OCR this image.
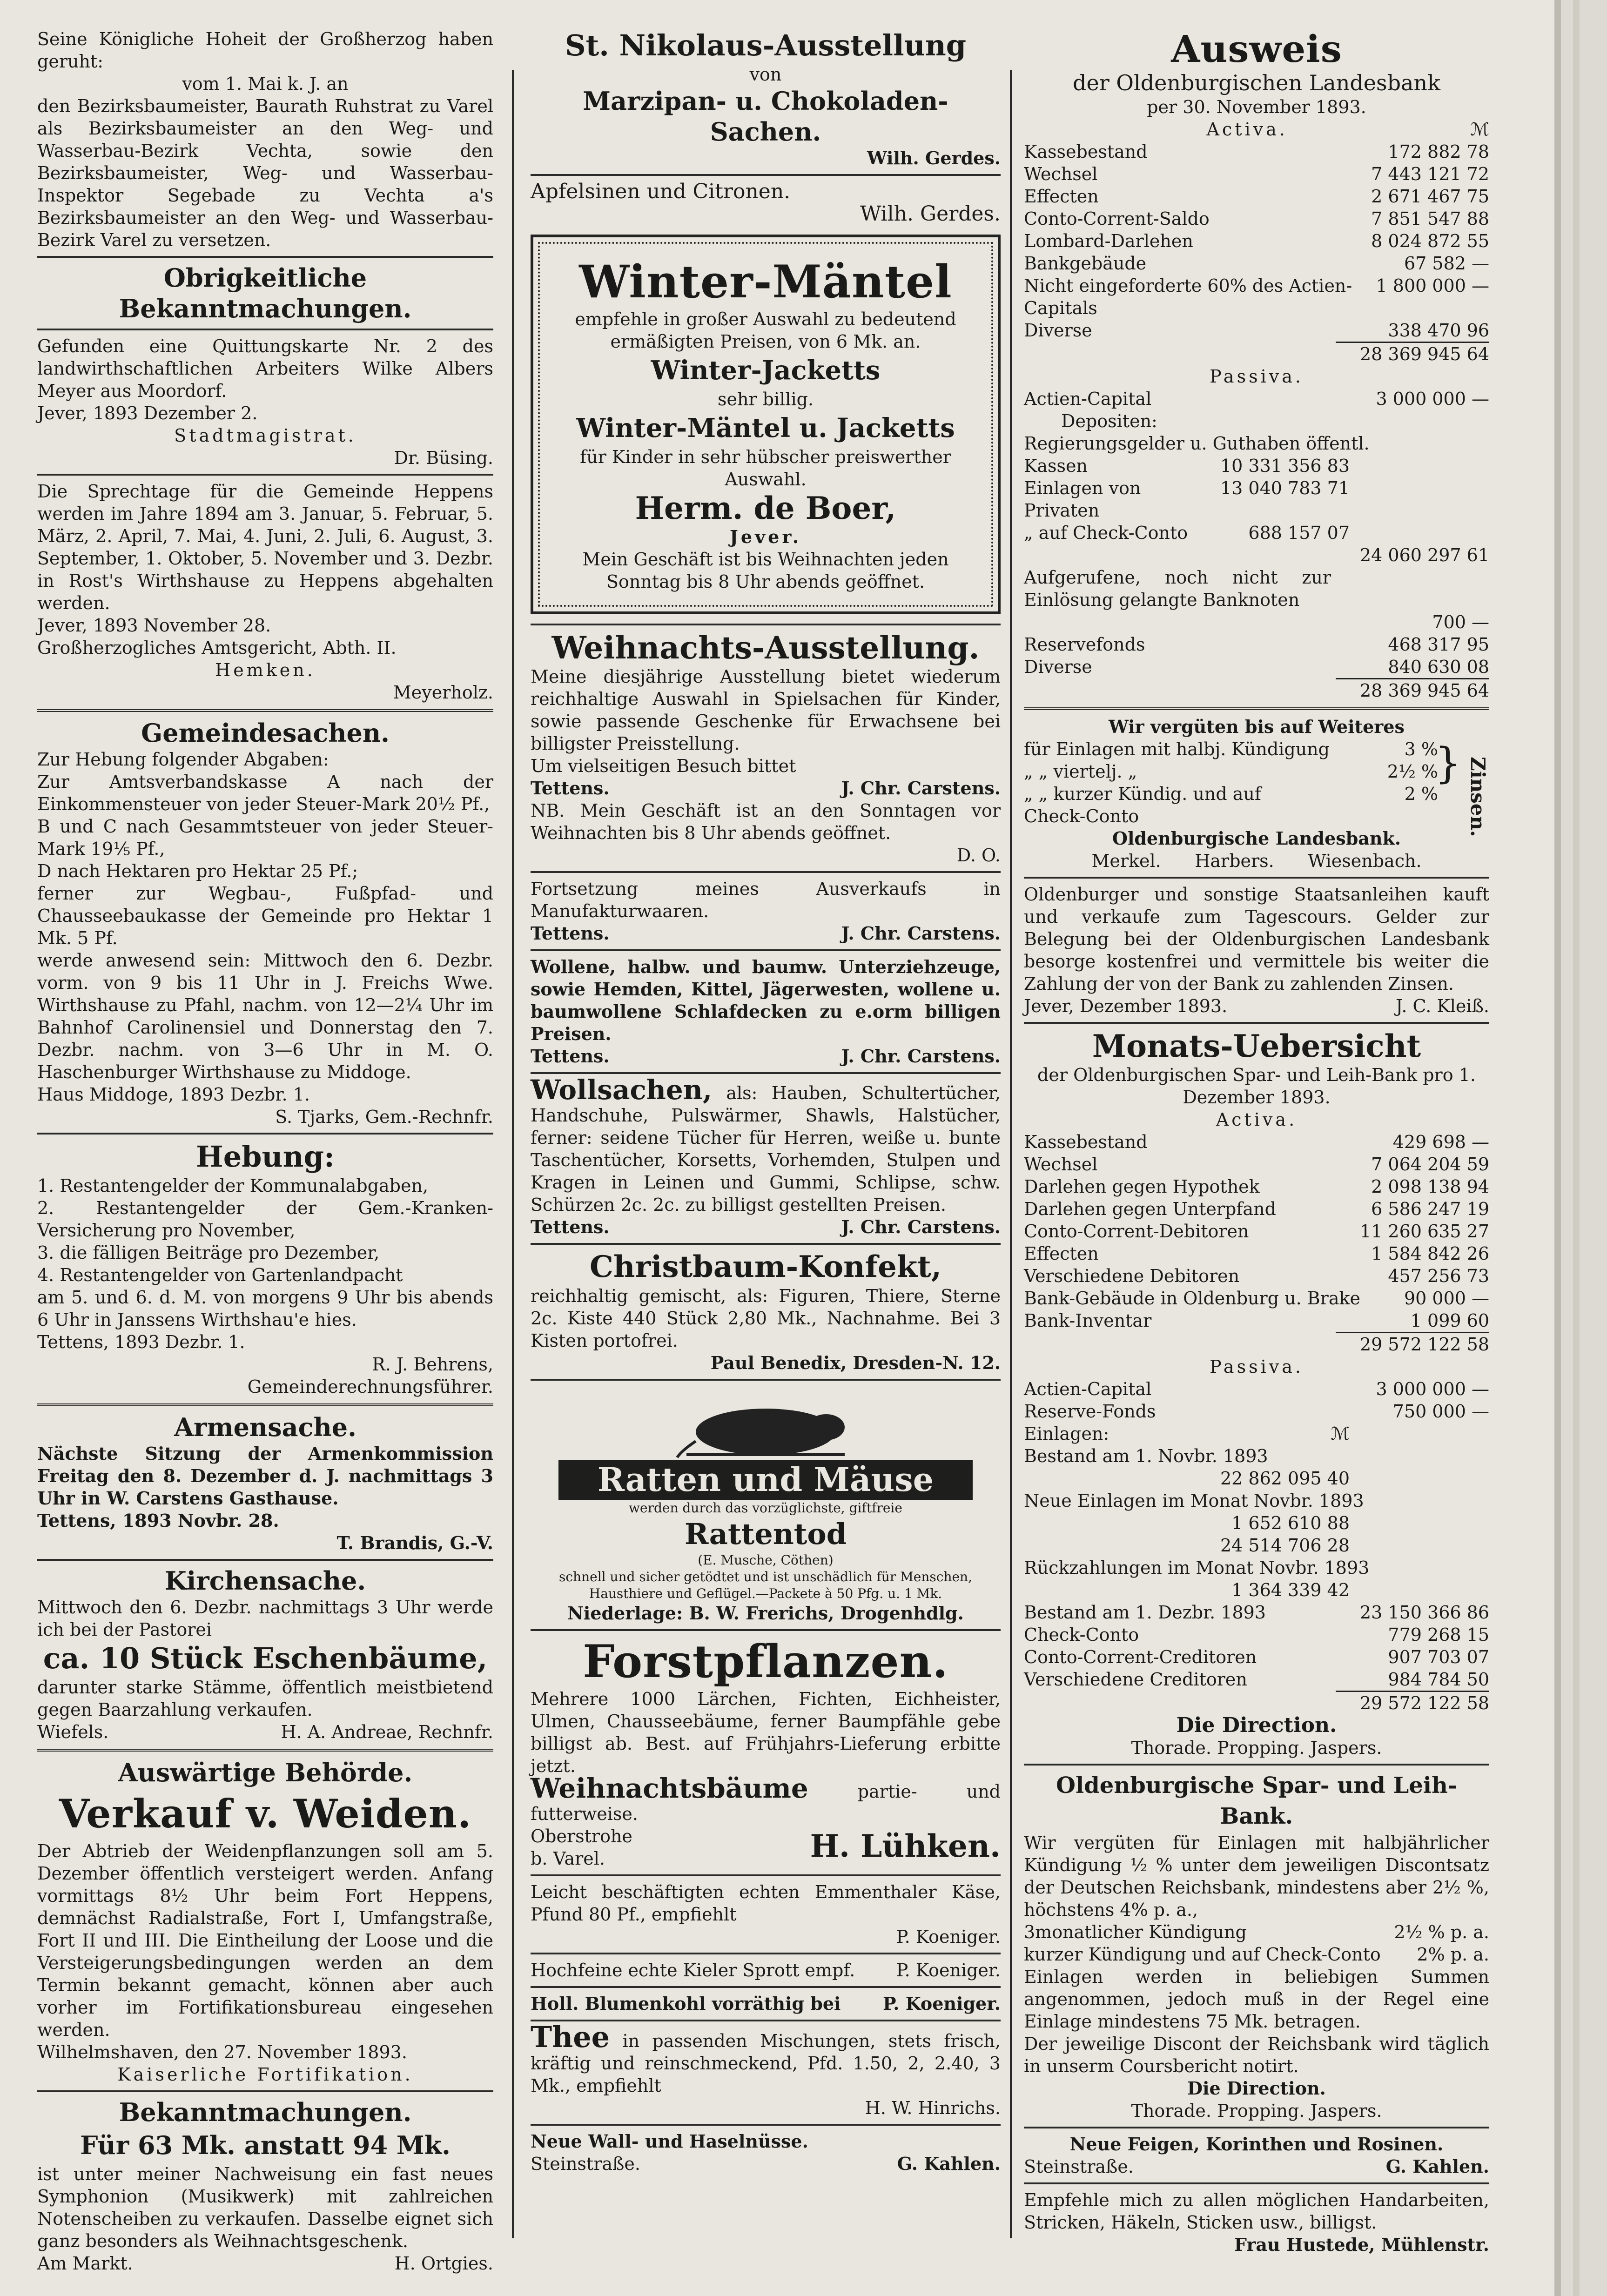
Seine Königliche Hoheit der Großherzog haben geruht:

vom 1. Mai k. J. an

den Bezirksbaumeister, Baurath Ruhstrat zu Varel als Bezirksbaumeister an den Weg- und Wasserbau-Bezirk Vechta, sowie den Bezirksbaumeister, Weg- und Wasserbau-Inspektor Segebade zu Vechta a's Bezirksbaumeister an den Weg- und Wasserbau-Bezirk Varel zu versetzen.

Obrigkeitliche Bekanntmachungen.

Gefunden eine Quittungskarte Nr. 2 des landwirthschaftlichen Arbeiters Wilke Albers Meyer aus Moordorf.

Jever, 1893 Dezember 2.

Stadtmagistrat.

Dr. Büsing.

Die Sprechtage für die Gemeinde Heppens werden im Jahre 1894 am 3. Januar, 5. Februar, 5. März, 2. April, 7. Mai, 4. Juni, 2. Juli, 6. August, 3. September, 1. Oktober, 5. November und 3. Dezbr. in Rost's Wirthshause zu Heppens abgehalten werden.

Jever, 1893 November 28.

Großherzogliches Amtsgericht, Abth. II.

Hemken.

Meyerholz.

Gemeindesachen.

Zur Hebung folgender Abgaben:

Zur Amtsverbandskasse A nach der Einkommensteuer von jeder Steuer-Mark 20½ Pf.,

B und C nach Gesammtsteuer von jeder Steuer-Mark 19⅕ Pf.,

D nach Hektaren pro Hektar 25 Pf.;

ferner zur Wegbau-, Fußpfad- und Chausseebaukasse der Gemeinde pro Hektar 1 Mk. 5 Pf.

werde anwesend sein: Mittwoch den 6. Dezbr. vorm. von 9 bis 11 Uhr in J. Freichs Wwe. Wirthshause zu Pfahl, nachm. von 12—2¼ Uhr im Bahnhof Carolinensiel und Donnerstag den 7. Dezbr. nachm. von 3—6 Uhr in M. O. Haschenburger Wirthshause zu Middoge.

Haus Middoge, 1893 Dezbr. 1.

S. Tjarks, Gem.-Rechnfr.

Hebung:

1. Restantengelder der Kommunalabgaben,

2. Restantengelder der Gem.-Kranken-Versicherung pro November,

3. die fälligen Beiträge pro Dezember,

4. Restantengelder von Gartenlandpacht

am 5. und 6. d. M. von morgens 9 Uhr bis abends 6 Uhr in Janssens Wirthshau'e hies.

Tettens, 1893 Dezbr. 1.

R. J. Behrens,

Gemeinderechnungsführer.

Armensache.

Nächste Sitzung der Armenkommission Freitag den 8. Dezember d. J. nachmittags 3 Uhr in W. Carstens Gasthause.

Tettens, 1893 Novbr. 28.

T. Brandis, G.-V.

Kirchensache.

Mittwoch den 6. Dezbr. nachmittags 3 Uhr werde ich bei der Pastorei

ca. 10 Stück Eschenbäume,

darunter starke Stämme, öffentlich meistbietend gegen Baarzahlung verkaufen.

Wiefels.	H. A. Andreae, Rechnfr.

Auswärtige Behörde.

Verkauf v. Weiden.

Der Abtrieb der Weidenpflanzungen soll am 5. Dezember öffentlich versteigert werden. Anfang vormittags 8½ Uhr beim Fort Heppens, demnächst Radialstraße, Fort I, Umfangstraße, Fort II und III. Die Eintheilung der Loose und die Versteigerungsbedingungen werden an dem Termin bekannt gemacht, können aber auch vorher im Fortifikationsbureau eingesehen werden.

Wilhelmshaven, den 27. November 1893.

Kaiserliche Fortifikation.

Bekanntmachungen.

Für 63 Mk. anstatt 94 Mk.

ist unter meiner Nachweisung ein fast neues Symphonion (Musikwerk) mit zahlreichen Notenscheiben zu verkaufen. Dasselbe eignet sich ganz besonders als Weihnachtsgeschenk.

Am Markt.	H. Ortgies.

St. Nikolaus-Ausstellung

von

Marzipan- u. Chokoladen-Sachen.

Wilh. Gerdes.

Apfelsinen und Citronen.

Wilh. Gerdes.

Winter-Mäntel

empfehle in großer Auswahl zu bedeutend ermäßigten Preisen, von 6 Mk. an.

Winter-Jacketts

sehr billig.

Winter-Mäntel u. Jacketts

für Kinder in sehr hübscher preiswerther Auswahl.

Herm. de Boer,

Jever.

Mein Geschäft ist bis Weihnachten jeden Sonntag bis 8 Uhr abends geöffnet.

Weihnachts-Ausstellung.

Meine diesjährige Ausstellung bietet wiederum reichhaltige Auswahl in Spielsachen für Kinder, sowie passende Geschenke für Erwachsene bei billigster Preisstellung.

Um vielseitigen Besuch bittet

Tettens.	J. Chr. Carstens.

NB. Mein Geschäft ist an den Sonntagen vor Weihnachten bis 8 Uhr abends geöffnet.

D. O.

Fortsetzung meines Ausverkaufs in Manufakturwaaren.

Tettens.	J. Chr. Carstens.

Wollene, halbw. und baumw. Unterziehzeuge, sowie Hemden, Kittel, Jägerwesten, wollene u. baumwollene Schlafdecken zu e.orm billigen Preisen.

Tettens.	J. Chr. Carstens.

Wollsachen, als: Hauben, Schultertücher, Handschuhe, Pulswärmer, Shawls, Halstücher, ferner: seidene Tücher für Herren, weiße u. bunte Taschentücher, Korsetts, Vorhemden, Stulpen und Kragen in Leinen und Gummi, Schlipse, schw. Schürzen 2c. 2c. zu billigst gestellten Preisen.

Tettens.	J. Chr. Carstens.

Christbaum-Konfekt,

reichhaltig gemischt, als: Figuren, Thiere, Sterne 2c. Kiste 440 Stück 2,80 Mk., Nachnahme. Bei 3 Kisten portofrei.

Paul Benedix, Dresden-N. 12.

Ratten und Mäuse

werden durch das vorzüglichste, giftfreie

Rattentod

(E. Musche, Cöthen)

schnell und sicher getödtet und ist unschädlich für Menschen, Hausthiere und Geflügel.—Packete à 50 Pfg. u. 1 Mk.

Niederlage: B. W. Frerichs, Drogenhdlg.

Forstpflanzen.

Mehrere 1000 Lärchen, Fichten, Eichheister, Ulmen, Chausseebäume, ferner Baumpfähle gebe billigst ab. Best. auf Frühjahrs-Lieferung erbitte jetzt.

Weihnachtsbäume	partie- und futterweise.

Oberstrohe
b. Varel.	H. Lühken.

Leicht beschäftigten echten Emmenthaler Käse, Pfund 80 Pf., empfiehlt

P. Koeniger.

Hochfeine echte Kieler Sprott empf. P. Koeniger.
Holl. Blumenkohl vorräthig bei P. Koeniger.

Thee in passenden Mischungen, stets frisch, kräftig und reinschmeckend, Pfd. 1.50, 2, 2.40, 3 Mk., empfiehlt

H. W. Hinrichs.

Neue Wall- und Haselnüsse.

Steinstraße.	G. Kahlen.

Ausweis

der Oldenburgischen Landesbank

per 30. November 1893.

Activa.	ℳ
Kassebestand	172 882 78
Wechsel	7 443 121 72
Effecten	2 671 467 75
Conto-Corrent-Saldo	7 851 547 88
Lombard-Darlehen	8 024 872 55
Bankgebäude	67 582 —
Nicht eingeforderte 60% des Actien-Capitals
1 800 000 —
Diverse	338 470 96
28 369 945 64

Passiva.

Actien-Capital	3 000 000 —

Depositen:

Regierungsgelder u. Guthaben öffentl.

Kassen	10 331 356 83
Einlagen von Privaten
13 040 783 71
„ auf Check-Conto	688 157 07
24 060 297 61

Aufgerufene, noch nicht zur Einlösung gelangte Banknoten

700 —
Reservefonds	468 317 95
Diverse	840 630 08
28 369 945 64

Wir vergüten bis auf Weiteres

für Einlagen mit halbj. Kündigung	3 %
„ „ viertelj. „	2½ %
„ „ kurzer Kündig. und auf Check-Conto
2 %
} Zinsen.

Oldenburgische Landesbank.

Merkel.      Harbers.      Wiesenbach.

Oldenburger und sonstige Staatsanleihen kauft und verkaufe zum Tagescours. Gelder zur Belegung bei der Oldenburgischen Landesbank besorge kostenfrei und vermittele bis weiter die Zahlung der von der Bank zu zahlenden Zinsen.

Jever, Dezember 1893.	J. C. Kleiß.

Monats-Uebersicht

der Oldenburgischen Spar- und Leih-Bank pro 1. Dezember 1893.

Activa.

Kassebestand	429 698 —
Wechsel	7 064 204 59
Darlehen gegen Hypothek	2 098 138 94
Darlehen gegen Unterpfand	6 586 247 19
Conto-Corrent-Debitoren	11 260 635 27
Effecten	1 584 842 26
Verschiedene Debitoren	457 256 73
Bank-Gebäude in Oldenburg u. Brake 90 000 —
Bank-Inventar	1 099 60
29 572 122 58

Passiva.

Actien-Capital	3 000 000 —
Reserve-Fonds	750 000 —
Einlagen:	ℳ

Bestand am 1. Novbr. 1893

22 862 095 40

Neue Einlagen im Monat Novbr. 1893

1 652 610 88
24 514 706 28

Rückzahlungen im Monat Novbr. 1893

1 364 339 42
Bestand am 1. Dezbr. 1893	23 150 366 86
Check-Conto	779 268 15
Conto-Corrent-Creditoren	907 703 07
Verschiedene Creditoren	984 784 50
29 572 122 58

Die Direction.

Thorade. Propping. Jaspers.

Oldenburgische Spar- und Leih-Bank.

Wir vergüten für Einlagen mit halbjährlicher Kündigung ½ % unter dem jeweiligen Discontsatz der Deutschen Reichsbank, mindestens aber 2½ %, höchstens 4% p. a.,

3monatlicher Kündigung	2½ % p. a.
kurzer Kündigung und auf Check-Conto 2% p. a.

Einlagen werden in beliebigen Summen angenommen, jedoch muß in der Regel eine Einlage mindestens 75 Mk. betragen.

Der jeweilige Discont der Reichsbank wird täglich in unserm Coursbericht notirt.

Die Direction.

Thorade. Propping. Jaspers.

Neue Feigen, Korinthen und Rosinen.

Steinstraße.	G. Kahlen.

Empfehle mich zu allen möglichen Handarbeiten, Stricken, Häkeln, Sticken usw., billigst.

Frau Hustede, Mühlenstr.
